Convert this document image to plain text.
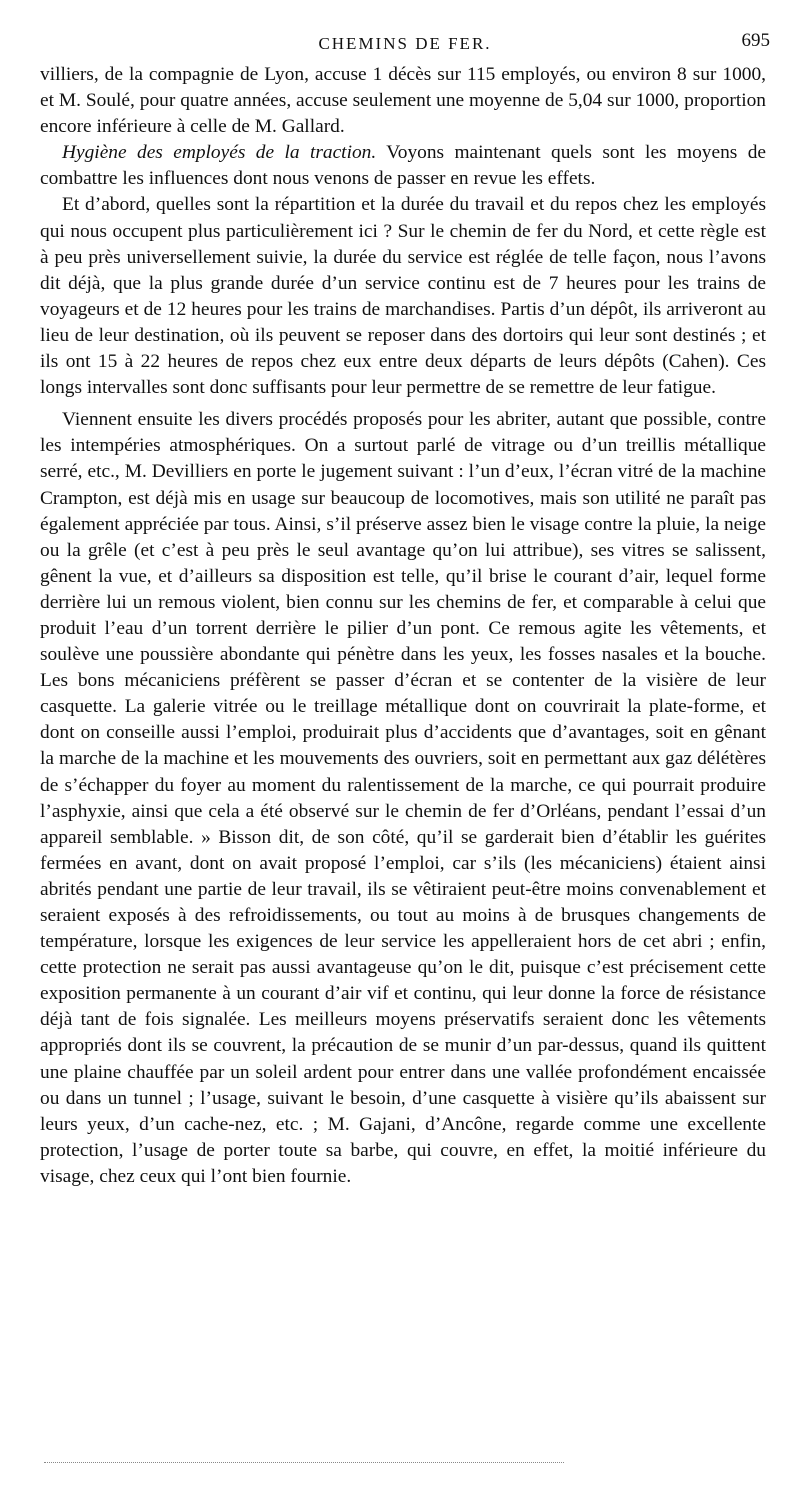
CHEMINS DE FER.	695

villiers, de la compagnie de Lyon, accuse 1 décès sur 115 employés, ou environ 8 sur 1000, et M. Soulé, pour quatre années, accuse seulement une moyenne de 5,04 sur 1000, proportion encore inférieure à celle de M. Gallard.

Hygiène des employés de la traction. Voyons maintenant quels sont les moyens de combattre les influences dont nous venons de passer en revue les effets.

Et d’abord, quelles sont la répartition et la durée du travail et du repos chez les employés qui nous occupent plus particulièrement ici ? Sur le chemin de fer du Nord, et cette règle est à peu près universellement suivie, la durée du service est réglée de telle façon, nous l’avons dit déjà, que la plus grande durée d’un service continu est de 7 heures pour les trains de voyageurs et de 12 heures pour les trains de marchandises. Partis d’un dépôt, ils arriveront au lieu de leur destination, où ils peuvent se reposer dans des dortoirs qui leur sont destinés ; et ils ont 15 à 22 heures de repos chez eux entre deux départs de leurs dépôts (Cahen). Ces longs intervalles sont donc suffisants pour leur permettre de se remettre de leur fatigue.

Viennent ensuite les divers procédés proposés pour les abriter, autant que possible, contre les intempéries atmosphériques. On a surtout parlé de vitrage ou d’un treillis métallique serré, etc., M. Devilliers en porte le jugement suivant : l’un d’eux, l’écran vitré de la machine Crampton, est déjà mis en usage sur beaucoup de locomotives, mais son utilité ne paraît pas également appréciée par tous. Ainsi, s’il préserve assez bien le visage contre la pluie, la neige ou la grêle (et c’est à peu près le seul avantage qu’on lui attribue), ses vitres se salissent, gênent la vue, et d’ailleurs sa disposition est telle, qu’il brise le courant d’air, lequel forme derrière lui un remous violent, bien connu sur les chemins de fer, et comparable à celui que produit l’eau d’un torrent derrière le pilier d’un pont. Ce remous agite les vêtements, et soulève une poussière abondante qui pénètre dans les yeux, les fosses nasales et la bouche. Les bons mécaniciens préfèrent se passer d’écran et se contenter de la visière de leur casquette. La galerie vitrée ou le treillage métallique dont on couvrirait la plate-forme, et dont on conseille aussi l’emploi, produirait plus d’accidents que d’avantages, soit en gênant la marche de la machine et les mouvements des ouvriers, soit en permettant aux gaz délétères de s’échapper du foyer au moment du ralentissement de la marche, ce qui pourrait produire l’asphyxie, ainsi que cela a été observé sur le chemin de fer d’Orléans, pendant l’essai d’un appareil semblable. » Bisson dit, de son côté, qu’il se garderait bien d’établir les guérites fermées en avant, dont on avait proposé l’emploi, car s’ils (les mécaniciens) étaient ainsi abrités pendant une partie de leur travail, ils se vêtiraient peut-être moins convenablement et seraient exposés à des refroidissements, ou tout au moins à de brusques changements de température, lorsque les exigences de leur service les appelleraient hors de cet abri ; enfin, cette protection ne serait pas aussi avantageuse qu’on le dit, puisque c’est précisement cette exposition permanente à un courant d’air vif et continu, qui leur donne la force de résistance déjà tant de fois signalée. Les meilleurs moyens préservatifs seraient donc les vêtements appropriés dont ils se couvrent, la précaution de se munir d’un par-dessus, quand ils quittent une plaine chauffée par un soleil ardent pour entrer dans une vallée profondément encaissée ou dans un tunnel ; l’usage, suivant le besoin, d’une casquette à visière qu’ils abaissent sur leurs yeux, d’un cache-nez, etc. ; M. Gajani, d’Ancône, regarde comme une excellente protection, l’usage de porter toute sa barbe, qui couvre, en effet, la moitié inférieure du visage, chez ceux qui l’ont bien fournie.
